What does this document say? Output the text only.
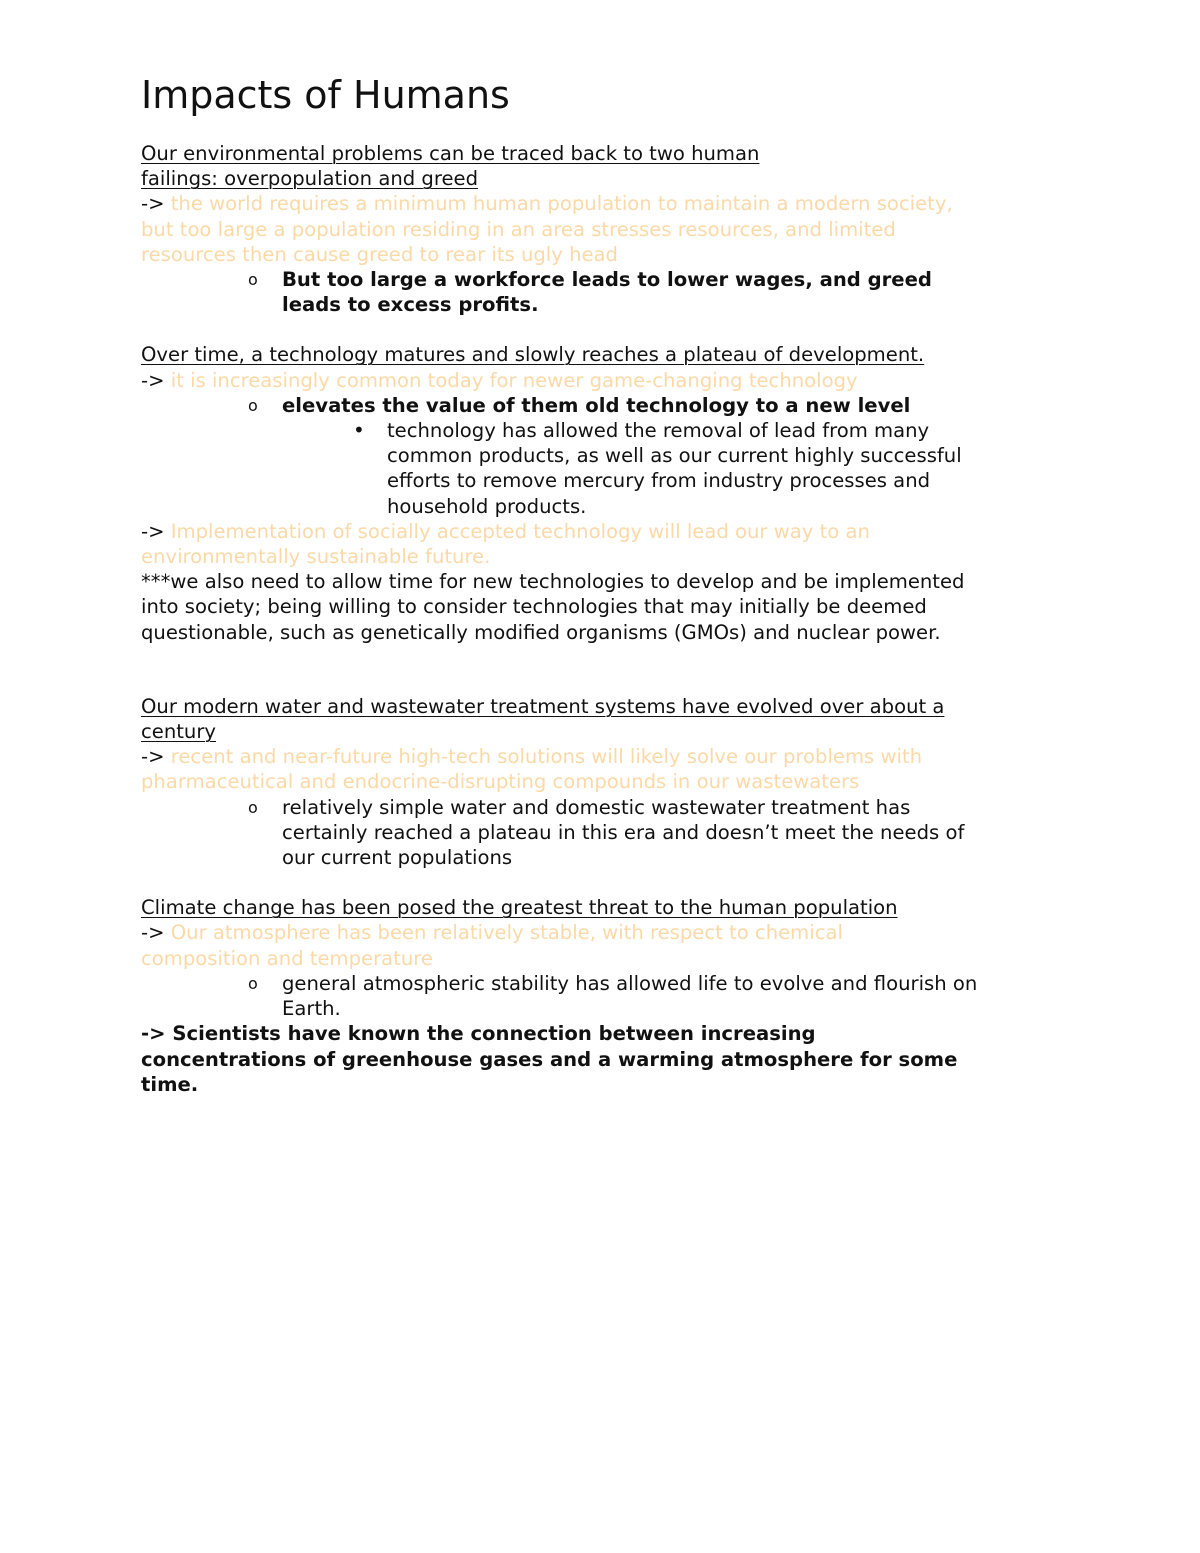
Impacts of Humans

Our environmental problems can be traced back to two human

failings: overpopulation and greed

-> the world requires a minimum human population to maintain a modern society,

but too large a population residing in an area stresses resources, and limited

resources then cause greed to rear its ugly head

o But too large a workforce leads to lower wages, and greed

leads to excess profits.

Over time, a technology matures and slowly reaches a plateau of development.

-> it is increasingly common today for newer game-changing technology

o elevates the value of them old technology to a new level

• technology has allowed the removal of lead from many

common products, as well as our current highly successful

efforts to remove mercury from industry processes and

household products.

-> Implementation of socially accepted technology will lead our way to an

environmentally sustainable future.

***we also need to allow time for new technologies to develop and be implemented

into society; being willing to consider technologies that may initially be deemed

questionable, such as genetically modified organisms (GMOs) and nuclear power.

Our modern water and wastewater treatment systems have evolved over about a

century

-> recent and near-future high-tech solutions will likely solve our problems with

pharmaceutical and endocrine-disrupting compounds in our wastewaters

o relatively simple water and domestic wastewater treatment has

certainly reached a plateau in this era and doesn’t meet the needs of

our current populations

Climate change has been posed the greatest threat to the human population

-> Our atmosphere has been relatively stable, with respect to chemical

composition and temperature

o general atmospheric stability has allowed life to evolve and flourish on

Earth.

-> Scientists have known the connection between increasing

concentrations of greenhouse gases and a warming atmosphere for some

time.
